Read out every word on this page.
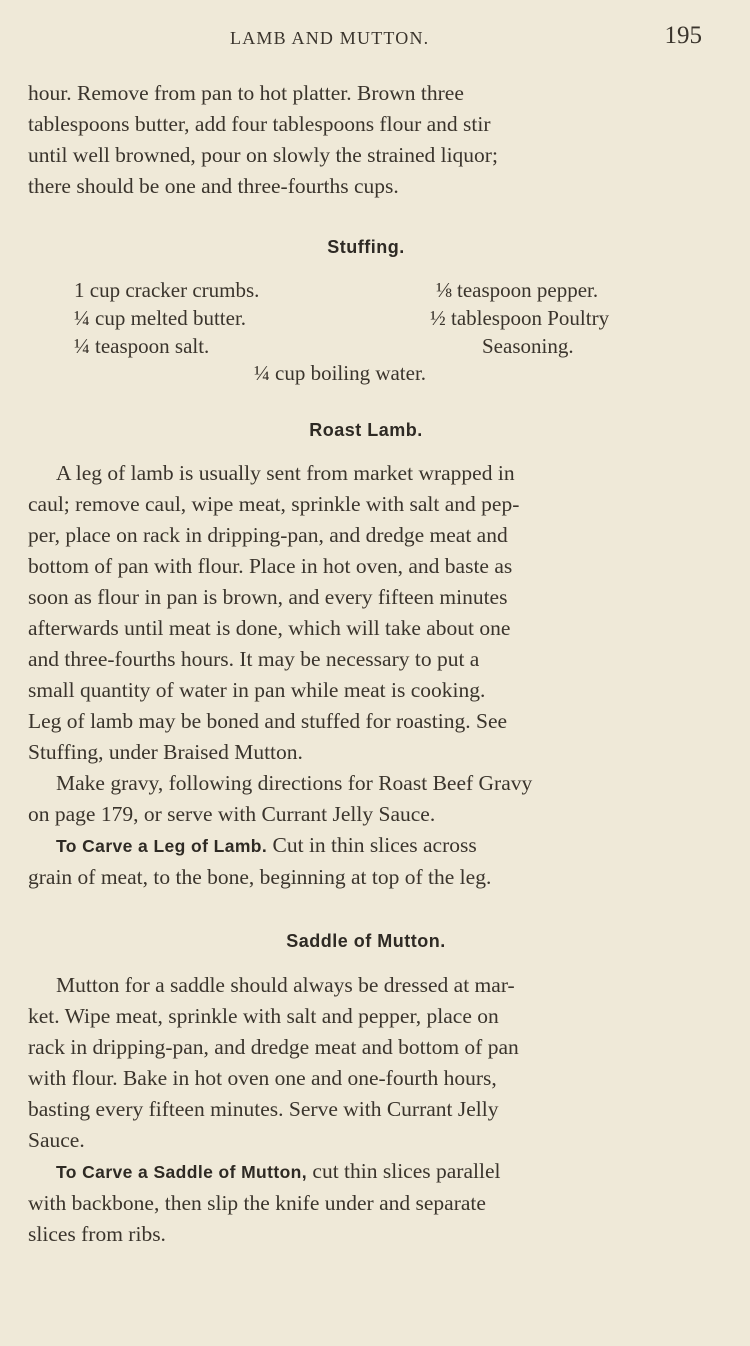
LAMB AND MUTTON.	195
hour. Remove from pan to hot platter. Brown three
tablespoons butter, add four tablespoons flour and stir
until well browned, pour on slowly the strained liquor;
there should be one and three-fourths cups.
Stuffing.
1 cup cracker crumbs.
¼ cup melted butter.
¼ teaspoon salt.
⅛ teaspoon pepper.
½ tablespoon Poultry
Seasoning.
¼ cup boiling water.
Roast Lamb.
A leg of lamb is usually sent from market wrapped in
caul; remove caul, wipe meat, sprinkle with salt and pep-
per, place on rack in dripping-pan, and dredge meat and
bottom of pan with flour. Place in hot oven, and baste as
soon as flour in pan is brown, and every fifteen minutes
afterwards until meat is done, which will take about one
and three-fourths hours. It may be necessary to put a
small quantity of water in pan while meat is cooking.
Leg of lamb may be boned and stuffed for roasting. See
Stuffing, under Braised Mutton.
Make gravy, following directions for Roast Beef Gravy
on page 179, or serve with Currant Jelly Sauce.
To Carve a Leg of Lamb. Cut in thin slices across
grain of meat, to the bone, beginning at top of the leg.
Saddle of Mutton.
Mutton for a saddle should always be dressed at mar-
ket. Wipe meat, sprinkle with salt and pepper, place on
rack in dripping-pan, and dredge meat and bottom of pan
with flour. Bake in hot oven one and one-fourth hours,
basting every fifteen minutes. Serve with Currant Jelly
Sauce.
To Carve a Saddle of Mutton, cut thin slices parallel
with backbone, then slip the knife under and separate
slices from ribs.
